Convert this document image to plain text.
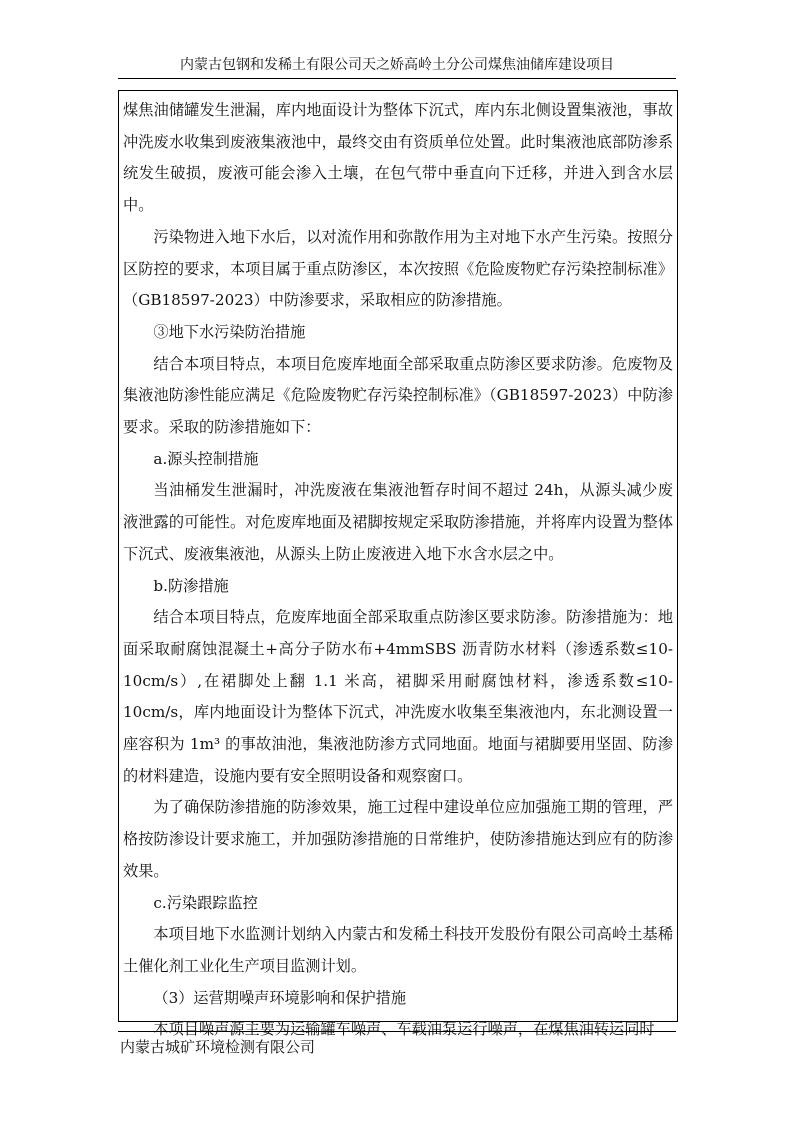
内蒙古包钢和发稀土有限公司天之娇高岭土分公司煤焦油储库建设项目

煤焦油储罐发生泄漏，库内地面设计为整体下沉式，库内东北侧设置集液池，事故冲洗废水收集到废液集液池中，最终交由有资质单位处置。此时集液池底部防渗系统发生破损，废液可能会渗入土壤，在包气带中垂直向下迁移，并进入到含水层中。

污染物进入地下水后，以对流作用和弥散作用为主对地下水产生污染。按照分区防控的要求，本项目属于重点防渗区，本次按照《危险废物贮存污染控制标准》（GB18597-2023）中防渗要求，采取相应的防渗措施。

③地下水污染防治措施

结合本项目特点，本项目危废库地面全部采取重点防渗区要求防渗。危废物及集液池防渗性能应满足《危险废物贮存污染控制标准》（GB18597-2023）中防渗要求。采取的防渗措施如下：

a.源头控制措施

当油桶发生泄漏时，冲洗废液在集液池暂存时间不超过 24h，从源头减少废液泄露的可能性。对危废库地面及裙脚按规定采取防渗措施，并将库内设置为整体下沉式、废液集液池，从源头上防止废液进入地下水含水层之中。

b.防渗措施

结合本项目特点，危废库地面全部采取重点防渗区要求防渗。防渗措施为：地面采取耐腐蚀混凝土+高分子防水布+4mmSBS 沥青防水材料（渗透系数≤10-10cm/s）,在裙脚处上翻 1.1 米高，裙脚采用耐腐蚀材料，渗透系数≤10-10cm/s，库内地面设计为整体下沉式，冲洗废水收集至集液池内，东北测设置一座容积为 1m³ 的事故油池，集液池防渗方式同地面。地面与裙脚要用坚固、防渗的材料建造，设施内要有安全照明设备和观察窗口。

为了确保防渗措施的防渗效果，施工过程中建设单位应加强施工期的管理，严格按防渗设计要求施工，并加强防渗措施的日常维护，使防渗措施达到应有的防渗效果。

c.污染跟踪监控

本项目地下水监测计划纳入内蒙古和发稀土科技开发股份有限公司高岭土基稀土催化剂工业化生产项目监测计划。

（3）运营期噪声环境影响和保护措施

本项目噪声源主要为运输罐车噪声、车载油泵运行噪声，在煤焦油转运同时

内蒙古城矿环境检测有限公司
